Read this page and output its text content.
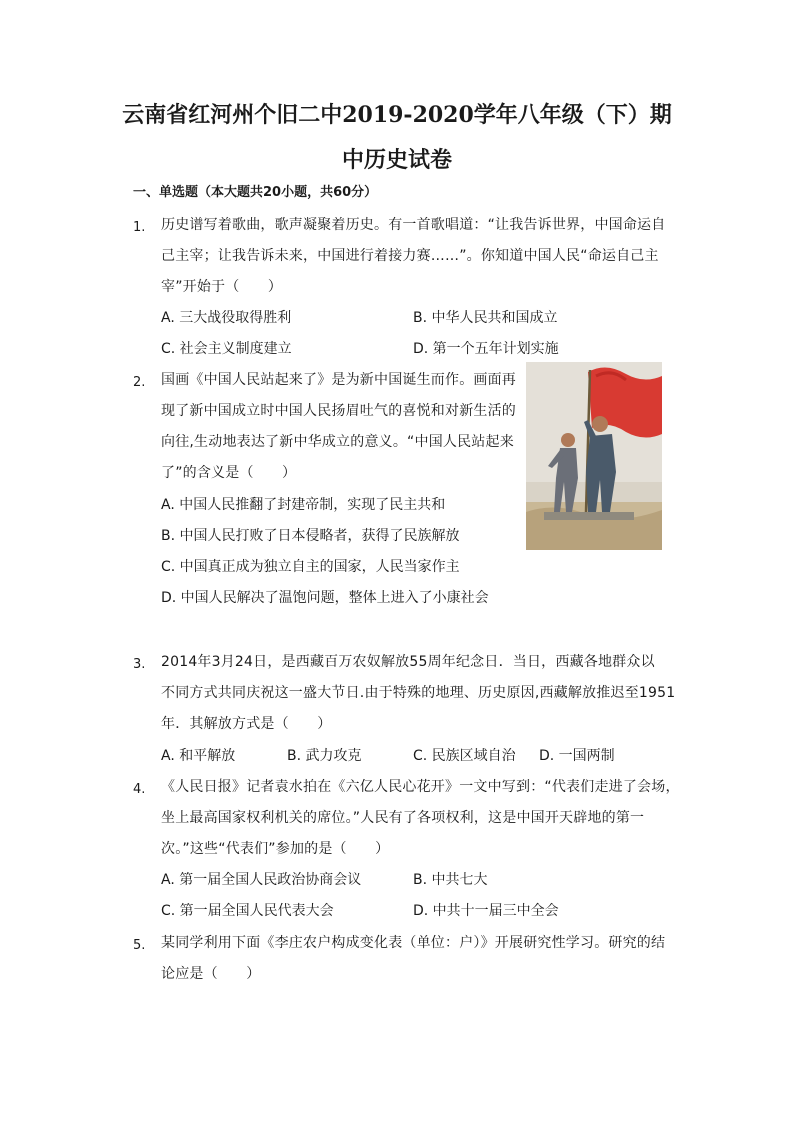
云南省红河州个旧二中2019-2020学年八年级（下）期
中历史试卷
一、单选题（本大题共20小题，共60分）
1. 历史谱写着歌曲，歌声凝聚着历史。有一首歌唱道：“让我告诉世界，中国命运自
己主宰；让我告诉未来，中国进行着接力赛……”。你知道中国人民“命运自己主
宰”开始于（　　）
A. 三大战役取得胜利	B. 中华人民共和国成立
C. 社会主义制度建立	D. 第一个五年计划实施
2. 国画《中国人民站起来了》是为新中国诞生而作。画面再
现了新中国成立时中国人民扬眉吐气的喜悦和对新生活的
向往,生动地表达了新中华成立的意义。“中国人民站起来
了”的含义是（　　）
A. 中国人民推翻了封建帝制，实现了民主共和
B. 中国人民打败了日本侵略者，获得了民族解放
C. 中国真正成为独立自主的国家，人民当家作主
D. 中国人民解决了温饱问题，整体上进入了小康社会
3. 2014年3月24日，是西藏百万农奴解放55周年纪念日．当日，西藏各地群众以
不同方式共同庆祝这一盛大节日.由于特殊的地理、历史原因,西藏解放推迟至1951
年．其解放方式是（　　）
A. 和平解放	B. 武力攻克	C. 民族区域自治 D. 一国两制
4. 《人民日报》记者袁水拍在《六亿人民心花开》一文中写到：“代表们走进了会场，
坐上最高国家权利机关的席位。”人民有了各项权利，这是中国开天辟地的第一
次。”这些“代表们”参加的是（　　）
A. 第一届全国人民政治协商会议	B. 中共七大
C. 第一届全国人民代表大会	D. 中共十一届三中全会
5. 某同学利用下面《李庄农户构成变化表（单位：户）》开展研究性学习。研究的结
论应是（　　）
